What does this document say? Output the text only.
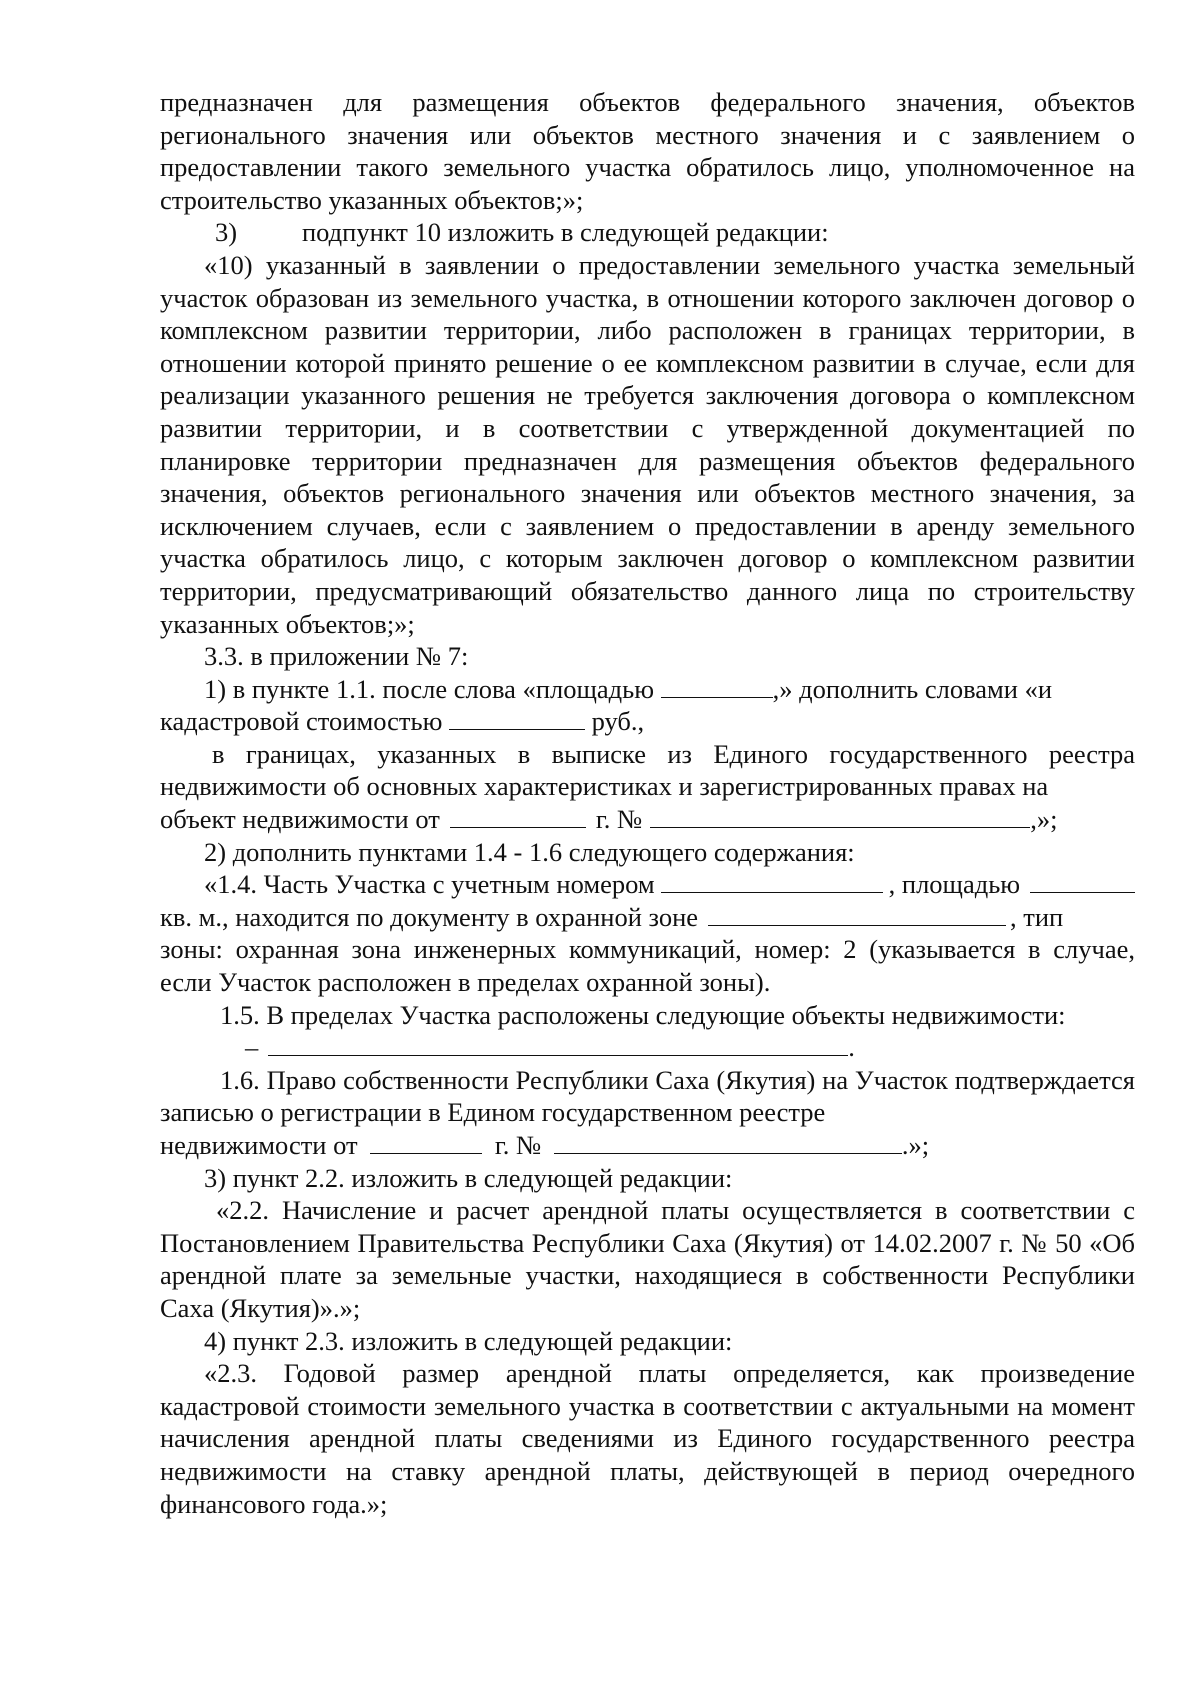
предназначен для размещения объектов федерального значения, объектов регионального значения или объектов местного значения и с заявлением о предоставлении такого земельного участка обратилось лицо, уполномоченное на строительство указанных объектов;»;

3) подпункт 10 изложить в следующей редакции:

«10) указанный в заявлении о предоставлении земельного участка земельный участок образован из земельного участка, в отношении которого заключен договор о комплексном развитии территории, либо расположен в границах территории, в отношении которой принято решение о ее комплексном развитии в случае, если для реализации указанного решения не требуется заключения договора о комплексном развитии территории, и в соответствии с утвержденной документацией по планировке территории предназначен для размещения объектов федерального значения, объектов регионального значения или объектов местного значения, за исключением случаев, если с заявлением о предоставлении в аренду земельного участка обратилось лицо, с которым заключен договор о комплексном развитии территории, предусматривающий обязательство данного лица по строительству указанных объектов;»;

3.3. в приложении № 7:

1) в пункте 1.1. после слова «площадью	,» дополнить словами «и
кадастровой стоимостью	руб.,

в границах, указанных в выписке из Единого государственного реестра недвижимости об основных характеристиках и зарегистрированных правах на

объект недвижимости от	г. №	,»;

2) дополнить пунктами 1.4 - 1.6 следующего содержания:

«1.4. Часть Участка с учетным номером	, площадью
кв. м., находится по документу в охранной зоне	, тип

зоны: охранная зона инженерных коммуникаций, номер: 2 (указывается в случае, если Участок расположен в пределах охранной зоны).

1.5. В пределах Участка расположены следующие объекты недвижимости:

–	.

1.6. Право собственности Республики Саха (Якутия) на Участок подтверждается записью о регистрации в Едином государственном реестре

недвижимости от	г. №	.»;

3) пункт 2.2. изложить в следующей редакции:

«2.2. Начисление и расчет арендной платы осуществляется в соответствии с Постановлением Правительства Республики Саха (Якутия) от 14.02.2007 г. № 50 «Об арендной плате за земельные участки, находящиеся в собственности Республики Саха (Якутия)».»;

4) пункт 2.3. изложить в следующей редакции:

«2.3. Годовой размер арендной платы определяется, как произведение кадастровой стоимости земельного участка в соответствии с актуальными на момент начисления арендной платы сведениями из Единого государственного реестра недвижимости на ставку арендной платы, действующей в период очередного финансового года.»;
